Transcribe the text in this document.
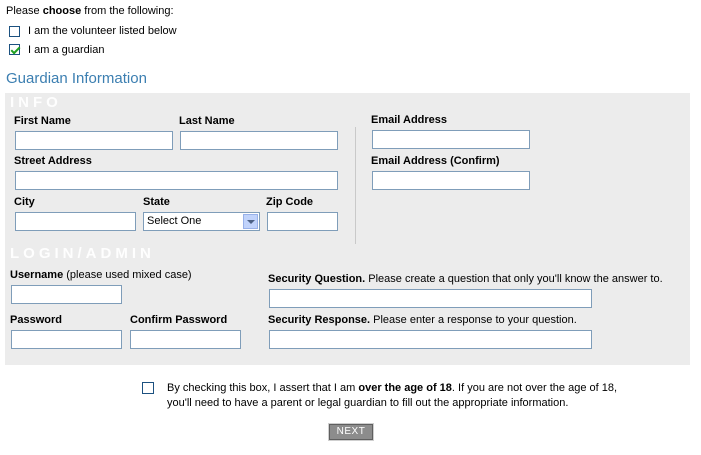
Please choose from the following:
I am the volunteer listed below
I am a guardian
Guardian Information
INFO
First Name	Last Name
Street Address
City	State
Select One
Zip Code
Email Address
Email Address (Confirm)
LOGIN/ADMIN
Username (please used mixed case)
Password	Confirm Password
Security Question. Please create a question that only you'll know the answer to.
Security Response. Please enter a response to your question.
By checking this box, I assert that I am over the age of 18. If you are not over the age of 18, you'll need to have a parent or legal guardian to fill out the appropriate information.
NEXT
